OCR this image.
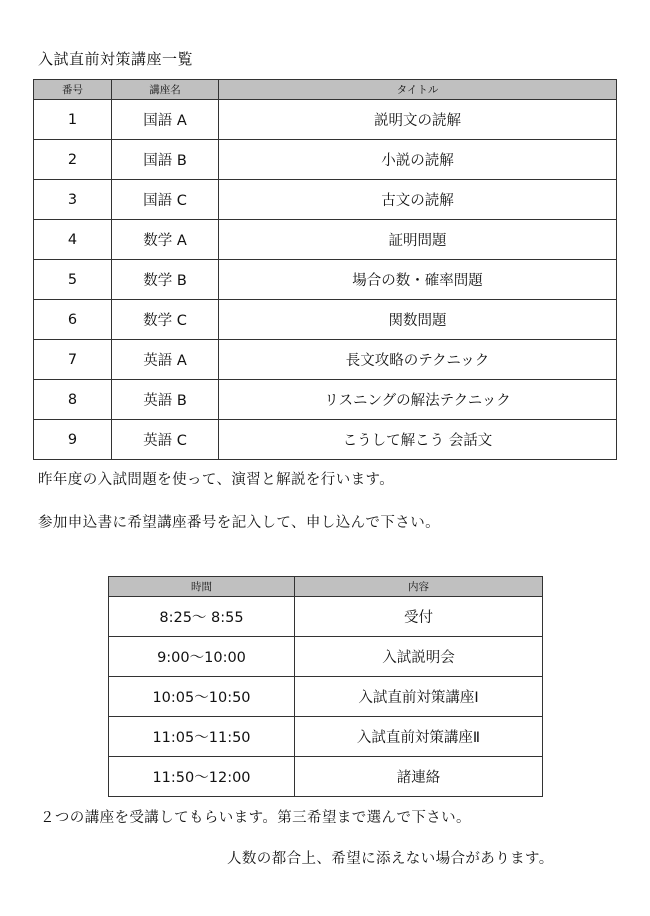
入試直前対策講座一覧
番号	講座名	タイトル
1	国語 A	説明文の読解
2	国語 B	小説の読解
3	国語 C	古文の読解
4	数学 A	証明問題
5	数学 B	場合の数・確率問題
6	数学 C	関数問題
7	英語 A	長文攻略のテクニック
8	英語 B	リスニングの解法テクニック
9	英語 C	こうして解こう 会話文
昨年度の入試問題を使って、演習と解説を行います。
参加申込書に希望講座番号を記入して、申し込んで下さい。
時間	内容
8:25〜 8:55	受付
9:00〜10:00	入試説明会
10:05〜10:50	入試直前対策講座Ⅰ
11:05〜11:50	入試直前対策講座Ⅱ
11:50〜12:00	諸連絡
２つの講座を受講してもらいます。第三希望まで選んで下さい。
人数の都合上、希望に添えない場合があります。
